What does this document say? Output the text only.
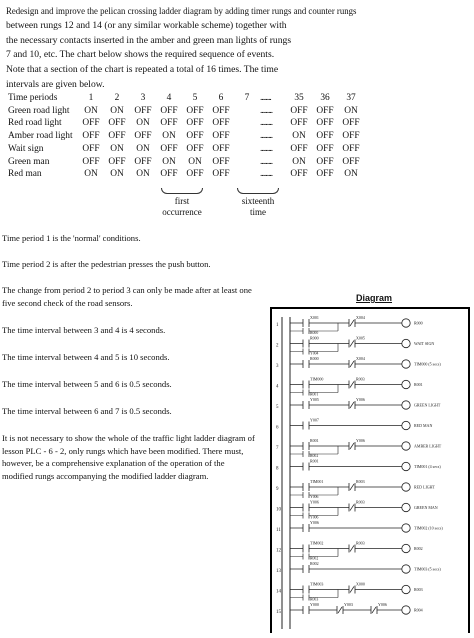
Redesign and improve the pelican crossing ladder diagram by adding timer rungs and counter rungs
between rungs 12 and 14 (or any similar workable scheme) together with
the necessary contacts inserted in the amber and green man lights of rungs
7 and 10, etc. The chart below shows the required sequence of events.
Note that a section of the chart is repeated a total of 16 times. The time
intervals are given below.
Time periods	1	2	3	4	5	6	7	........	35	36	37
Green road light	ON	ON	OFF	OFF	OFF	OFF		.........	OFF	OFF	ON
Red road light	OFF	OFF	ON	OFF	OFF	OFF		.........	OFF	OFF	OFF
Amber road light	OFF	OFF	OFF	ON	OFF	OFF		.........	ON	OFF	OFF
Wait sign	OFF	ON	ON	OFF	OFF	OFF		.........	OFF	OFF	OFF
Green man	OFF	OFF	OFF	ON	ON	OFF		.........	ON	OFF	OFF
Red man	ON	ON	ON	OFF	OFF	OFF		.........	OFF	OFF	ON
first
occurrence
sixteenth
time
Time period 1 is the 'normal' conditions.
Time period 2 is after the pedestrian presses the push button.
The change from period 2 to period 3 can only be made after at least one
five second check of the road sensors.
The time interval between 3 and 4 is 4 seconds.
The time interval between 4 and 5 is 10 seconds.
The time interval between 5 and 6 is 0.5 seconds.
The time interval between 6 and 7 is 0.5 seconds.
It is not necessary to show the whole of the traffic light ladder diagram of
lesson PLC - 6 - 2, only rungs which have been modified. There must,
however, be a comprehensive explanation of the operation of the
modified rungs accompanying the modified ladder diagram.
Diagram
1
X001	X004
R000
R000
2
R000	X005
Y004
WAIT SIGN
3
R000	X004
TIM000 (5 secs)
4
TIM000	R003
R001
R001
5
Y005	Y006
GREEN LIGHT
6
Y007
RED MAN
7
R001	Y006
R002
AMBER LIGHT
8
R001
TIM001 (4 secs)
9
TIM001	R003
Y006
RED LIGHT
10
Y006	R003
Y006
GREEN MAN
11
Y006
TIM002 (10 secs)
12
TIM002	R003
R002
R002
13
R002
TIM003 (5 secs)
14
TIM003	X000
R003
R003
15
Y000	Y003	Y006
R004
